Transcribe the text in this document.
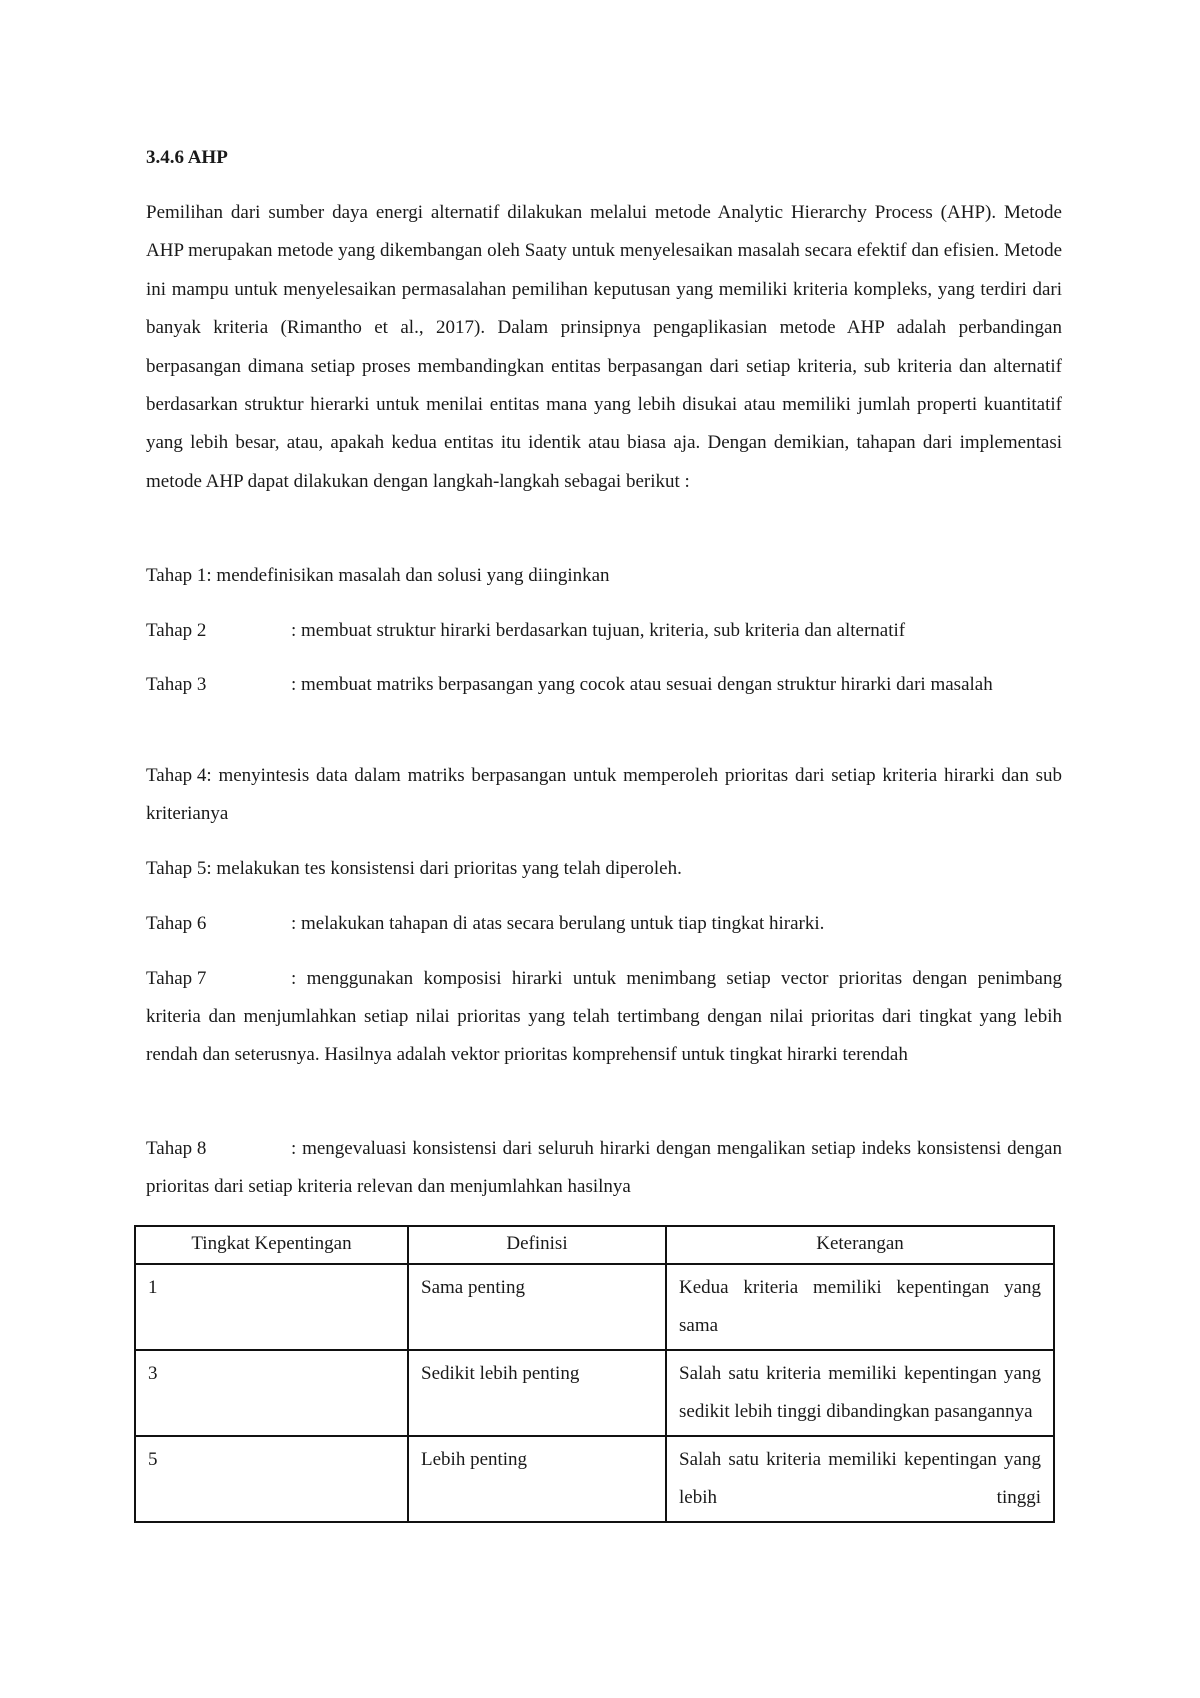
3.4.6 AHP

Pemilihan dari sumber daya energi alternatif dilakukan melalui metode Analytic Hierarchy Process (AHP). Metode AHP merupakan metode yang dikembangan oleh Saaty untuk menyelesaikan masalah secara efektif dan efisien. Metode ini mampu untuk menyelesaikan permasalahan pemilihan keputusan yang memiliki kriteria kompleks, yang terdiri dari banyak kriteria (Rimantho et al., 2017). Dalam prinsipnya pengaplikasian metode AHP adalah perbandingan berpasangan dimana setiap proses membandingkan entitas berpasangan dari setiap kriteria, sub kriteria dan alternatif berdasarkan struktur hierarki untuk menilai entitas mana yang lebih disukai atau memiliki jumlah properti kuantitatif yang lebih besar, atau, apakah kedua entitas itu identik atau biasa aja. Dengan demikian, tahapan dari implementasi metode AHP dapat dilakukan dengan langkah-langkah sebagai berikut :

Tahap 1: mendefinisikan masalah dan solusi yang diinginkan
Tahap 2	: membuat struktur hirarki berdasarkan tujuan, kriteria, sub kriteria dan alternatif
Tahap 3	: membuat matriks berpasangan yang cocok atau sesuai dengan struktur hirarki dari masalah
Tahap 4: menyintesis data dalam matriks berpasangan untuk memperoleh prioritas dari setiap kriteria hirarki dan sub kriterianya
Tahap 5: melakukan tes konsistensi dari prioritas yang telah diperoleh.
Tahap 6	: melakukan tahapan di atas secara berulang untuk tiap tingkat hirarki.
Tahap 7	: menggunakan komposisi hirarki untuk menimbang setiap vector prioritas dengan penimbang kriteria dan menjumlahkan setiap nilai prioritas yang telah tertimbang dengan nilai prioritas dari tingkat yang lebih rendah dan seterusnya. Hasilnya adalah vektor prioritas komprehensif untuk tingkat hirarki terendah
Tahap 8	: mengevaluasi konsistensi dari seluruh hirarki dengan mengalikan setiap indeks konsistensi dengan prioritas dari setiap kriteria relevan dan menjumlahkan hasilnya
Tingkat Kepentingan	Definisi	Keterangan
1	Sama penting	Kedua kriteria memiliki kepentingan yang sama
3	Sedikit lebih penting	Salah satu kriteria memiliki kepentingan yang sedikit lebih tinggi dibandingkan pasangannya
5	Lebih penting	Salah satu kriteria memiliki kepentingan yang lebih tinggi
